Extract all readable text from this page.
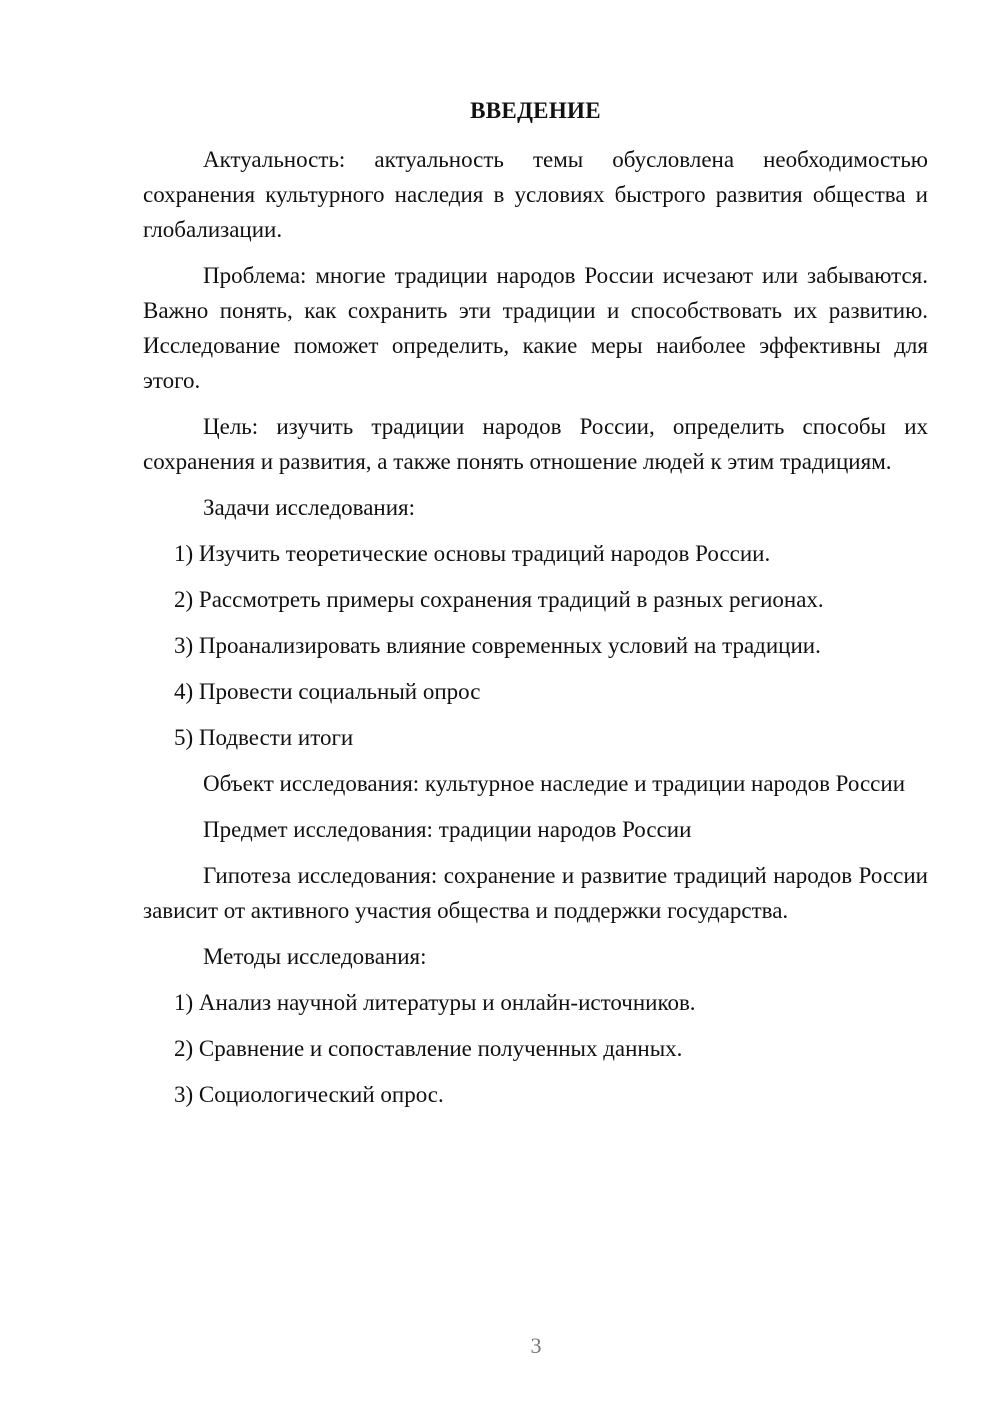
ВВЕДЕНИЕ

Актуальность: актуальность темы обусловлена необходимостью сохранения культурного наследия в условиях быстрого развития общества и глобализации.

Проблема: многие традиции народов России исчезают или забываются. Важно понять, как сохранить эти традиции и способствовать их развитию. Исследование поможет определить, какие меры наиболее эффективны для этого.

Цель: изучить традиции народов России, определить способы их сохранения и развития, а также понять отношение людей к этим традициям.

Задачи исследования:

1) Изучить теоретические основы традиций народов России.

2) Рассмотреть примеры сохранения традиций в разных регионах.

3) Проанализировать влияние современных условий на традиции.

4) Провести социальный опрос

5) Подвести итоги

Объект исследования: культурное наследие и традиции народов России

Предмет исследования: традиции народов России

Гипотеза исследования: сохранение и развитие традиций народов России зависит от активного участия общества и поддержки государства.

Методы исследования:

1) Анализ научной литературы и онлайн-источников.

2) Сравнение и сопоставление полученных данных.

3) Социологический опрос.

3
